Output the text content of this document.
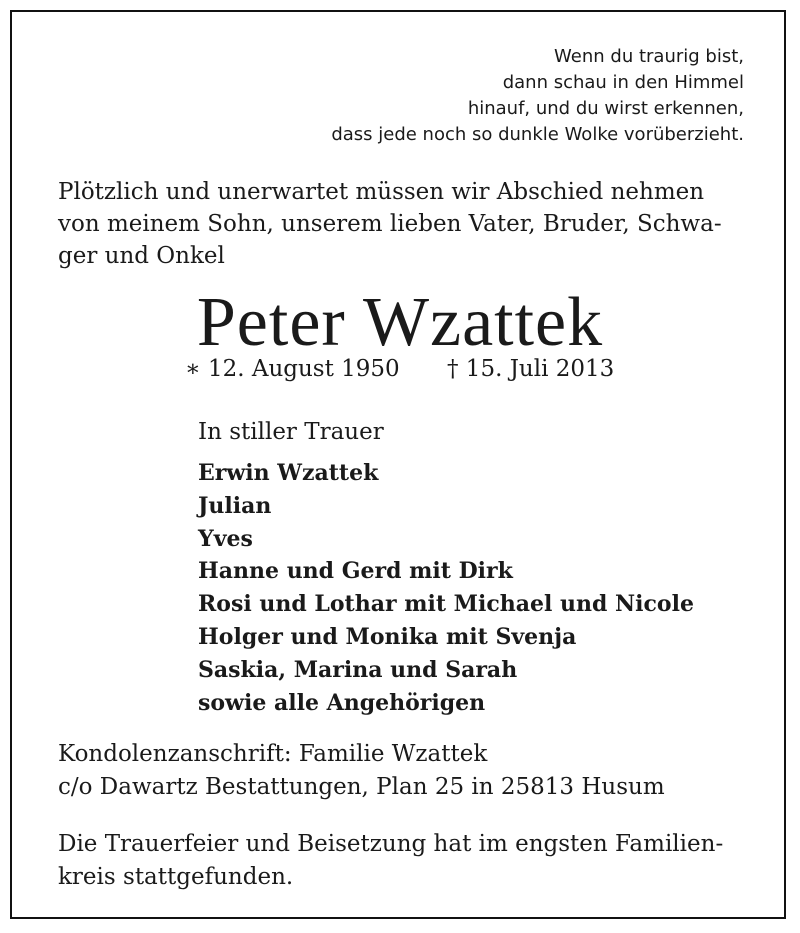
Wenn du traurig bist,
dann schau in den Himmel
hinauf, und du wirst erkennen,
dass jede noch so dunkle Wolke vorüberzieht.
Plötzlich und unerwartet müssen wir Abschied nehmen
von meinem Sohn, unserem lieben Vater, Bruder, Schwa-
ger und Onkel
Peter Wzattek
∗ 12. August 1950 † 15. Juli 2013
In stiller Trauer
Erwin Wzattek
Julian
Yves
Hanne und Gerd mit Dirk
Rosi und Lothar mit Michael und Nicole
Holger und Monika mit Svenja
Saskia, Marina und Sarah
sowie alle Angehörigen
Kondolenzanschrift: Familie Wzattek
c/o Dawartz Bestattungen, Plan 25 in 25813 Husum
Die Trauerfeier und Beisetzung hat im engsten Familien-
kreis stattgefunden.
